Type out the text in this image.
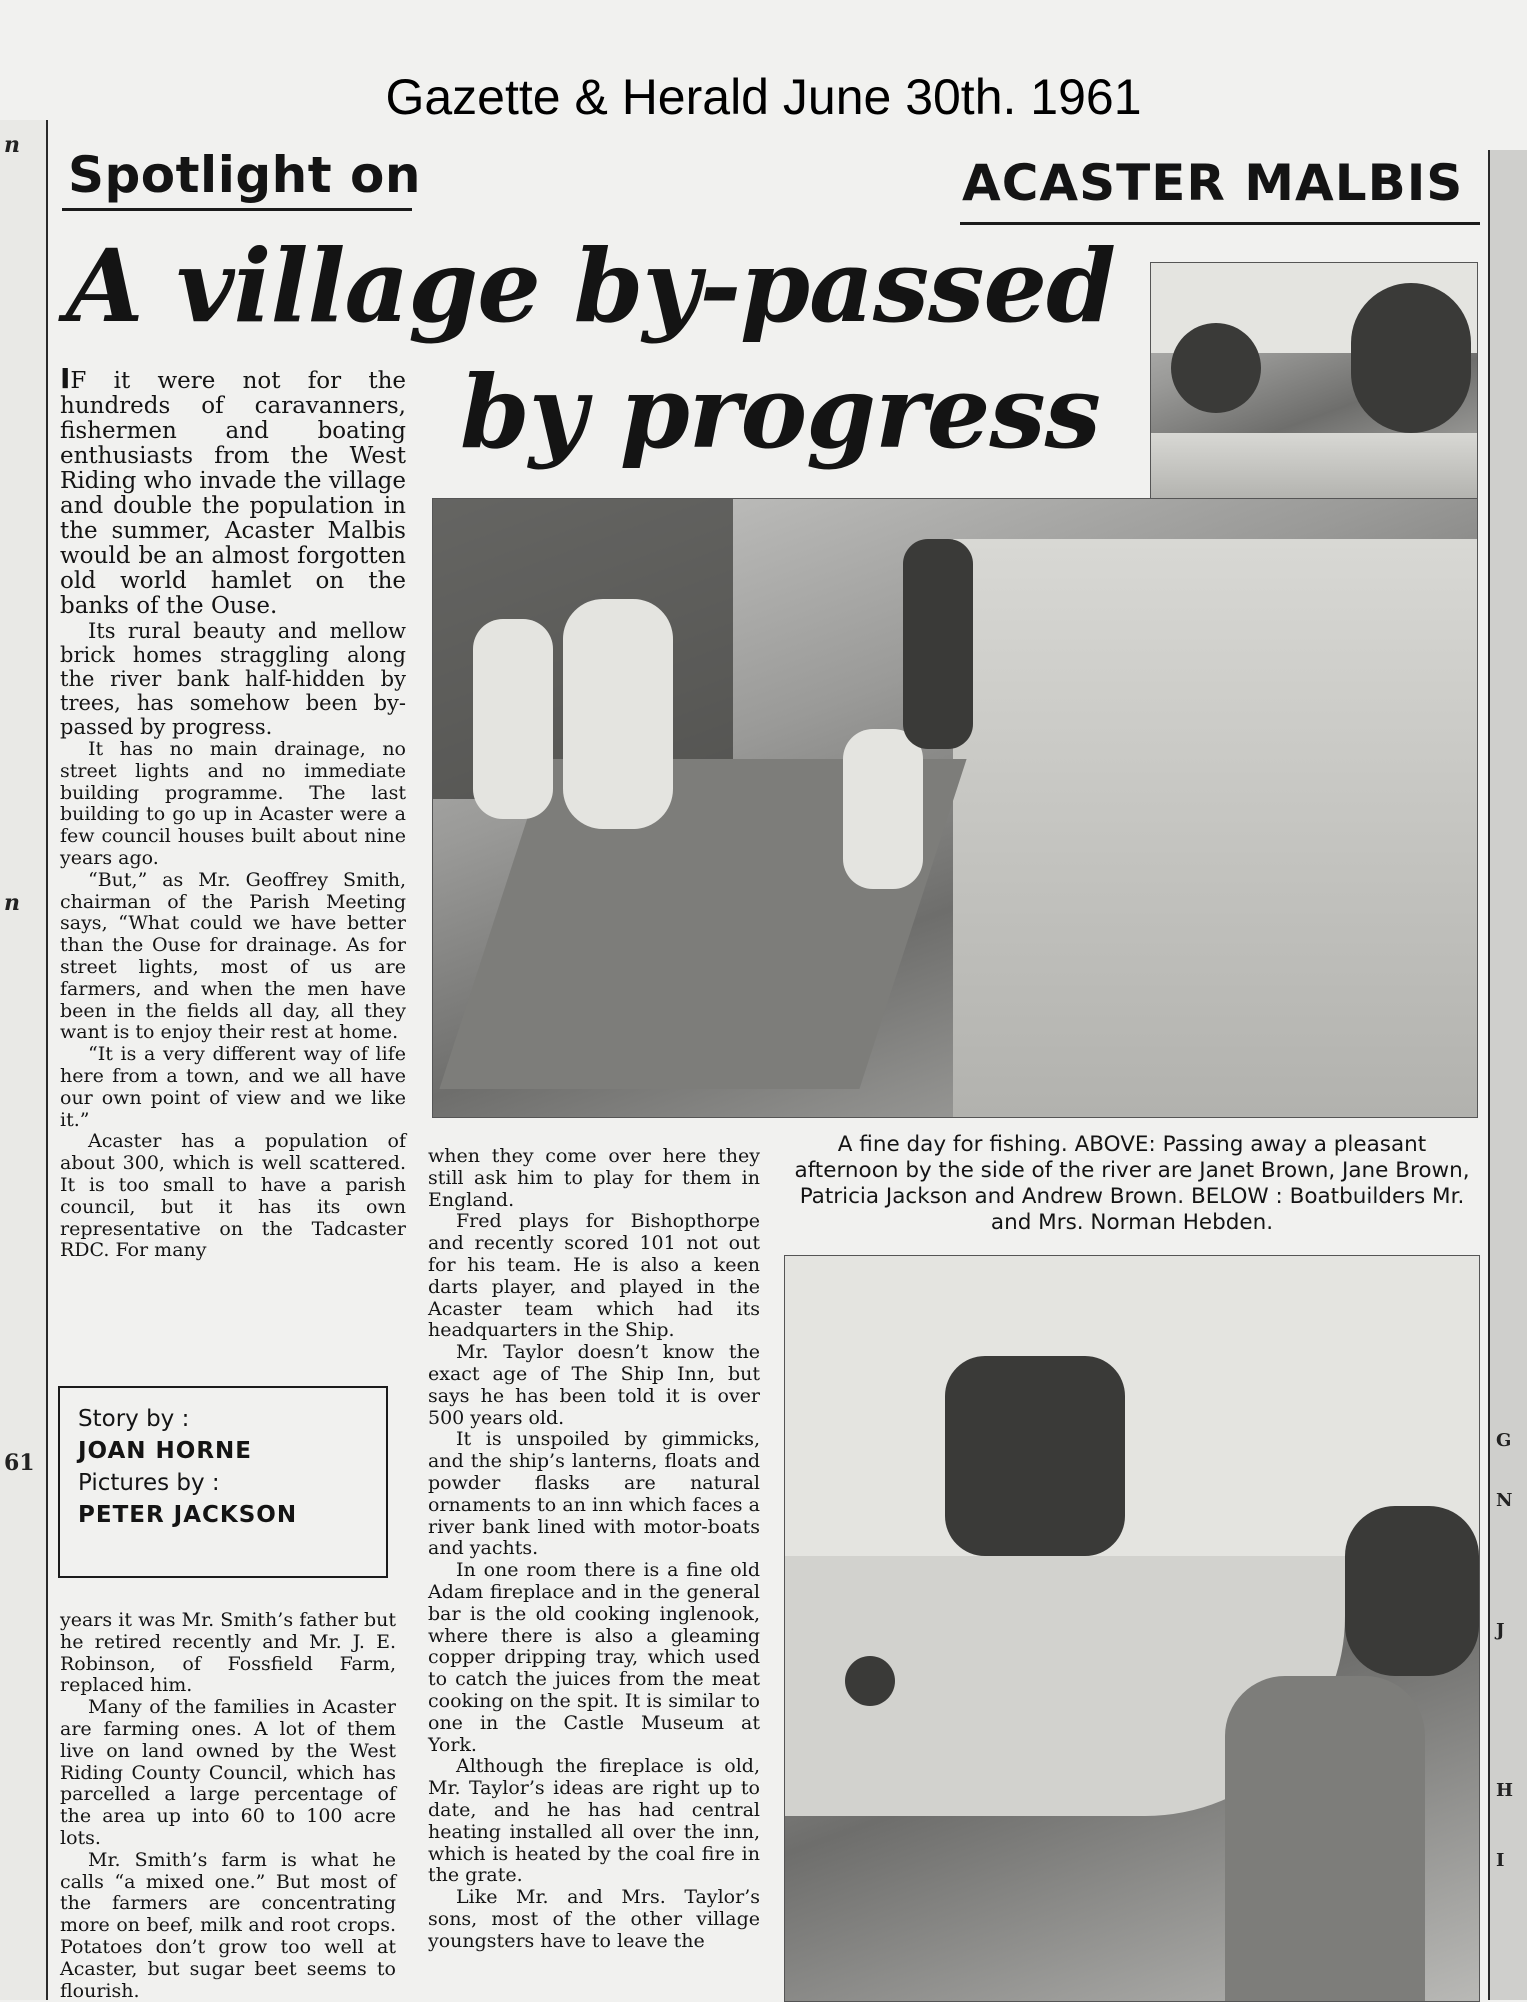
Gazette & Herald June 30th. 1961
n
n
61
G
N
J
H
I
Spotlight on	ACASTER MALBIS
A village by-passed
by progress

IF it were not for the hundreds of caravanners, fishermen and boating enthusiasts from the West Riding who invade the village and double the population in the summer, Acaster Malbis would be an almost forgotten old world hamlet on the banks of the Ouse.

Its rural beauty and mellow brick homes straggling along the river bank half-hidden by trees, has somehow been by-passed by progress.

It has no main drainage, no street lights and no immediate building programme. The last building to go up in Acaster were a few council houses built about nine years ago.

“But,” as Mr. Geoffrey Smith, chairman of the Parish Meeting says, “What could we have better than the Ouse for drainage. As for street lights, most of us are farmers, and when the men have been in the fields all day, all they want is to enjoy their rest at home.

“It is a very different way of life here from a town, and we all have our own point of view and we like it.”

Acaster has a population of about 300, which is well scattered. It is too small to have a parish council, but it has its own representative on the Tadcaster RDC. For many

Story by :
JOAN HORNE
Pictures by :
PETER JACKSON

years it was Mr. Smith’s father but he retired recently and Mr. J. E. Robinson, of Fossfield Farm, replaced him.

Many of the families in Acaster are farming ones. A lot of them live on land owned by the West Riding County Council, which has parcelled a large percentage of the area up into 60 to 100 acre lots.

Mr. Smith’s farm is what he calls “a mixed one.” But most of the farmers are concentrating more on beef, milk and root crops. Potatoes don’t grow too well at Acaster, but sugar beet seems to flourish.

when they come over here they still ask him to play for them in England.

Fred plays for Bishopthorpe and recently scored 101 not out for his team. He is also a keen darts player, and played in the Acaster team which had its headquarters in the Ship.

Mr. Taylor doesn’t know the exact age of The Ship Inn, but says he has been told it is over 500 years old.

It is unspoiled by gimmicks, and the ship’s lanterns, floats and powder flasks are natural ornaments to an inn which faces a river bank lined with motor-boats and yachts.

In one room there is a fine old Adam fireplace and in the general bar is the old cooking inglenook, where there is also a gleaming copper dripping tray, which used to catch the juices from the meat cooking on the spit. It is similar to one in the Castle Museum at York.

Although the fireplace is old, Mr. Taylor’s ideas are right up to date, and he has had central heating installed all over the inn, which is heated by the coal fire in the grate.

Like Mr. and Mrs. Taylor’s sons, most of the other village youngsters have to leave the

A fine day for fishing. ABOVE: Passing away a pleasant afternoon by the side of the river are Janet Brown, Jane Brown, Patricia Jackson and Andrew Brown. BELOW : Boatbuilders Mr. and Mrs. Norman Hebden.
